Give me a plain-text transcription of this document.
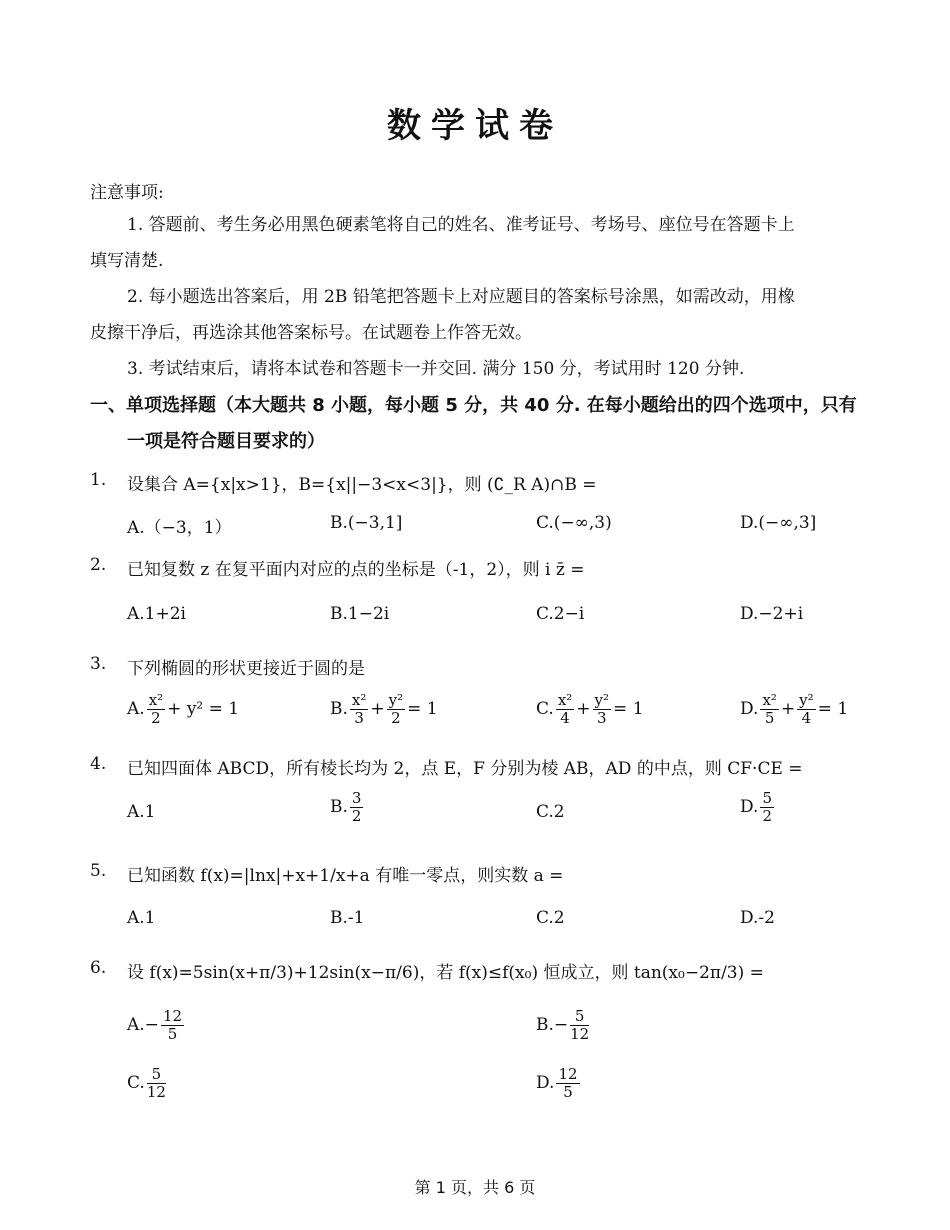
数学试卷
注意事项:
1. 答题前、考生务必用黑色硬素笔将自己的姓名、准考证号、考场号、座位号在答题卡上
填写清楚.
2. 每小题选出答案后，用 2B 铅笔把答题卡上对应题目的答案标号涂黑，如需改动，用橡
皮擦干净后，再选涂其他答案标号。在试题卷上作答无效。
3. 考试结束后，请将本试卷和答题卡一并交回. 满分 150 分，考试用时 120 分钟.
一、单项选择题（本大题共 8 小题，每小题 5 分，共 40 分. 在每小题给出的四个选项中，只有
一项是符合题目要求的）
1. 设集合 A={x|x>1}，B={x||−3<x<3|}，则 (∁_R A)∩B =
A.（−3，1）	B.(−3,1]	C.(−∞,3)	D.(−∞,3]
2. 已知复数 z 在复平面内对应的点的坐标是（-1，2），则 i z̄ =
A.1+2i	B.1−2i	C.2−i	D.−2+i
3. 下列椭圆的形状更接近于圆的是
A. $\frac{\text{x²}}{2} + y^2 = 1$	B. $\frac{\text{x²}}{3} + \frac{\text{y²}}{2} = 1$	C. $\frac{\text{x²}}{4} + \frac{\text{y²}}{3} = 1$	D. $\frac{\text{x²}}{5} + \frac{\text{y²}}{4} = 1$
4. 已知四面体 ABCD，所有棱长均为 2，点 E，F 分别为棱 AB，AD 的中点，则 CF·CE =
A.1	B. $\frac{3}{2}$	C.2	D. $\frac{5}{2}$
5. 已知函数 f(x)=|lnx|+x+1/x+a 有唯一零点，则实数 a =
A.1	B.-1	C.2	D.-2
6. 设 f(x)=5sin(x+π/3)+12sin(x−π/6)，若 f(x)≤f(x₀) 恒成立，则 tan(x₀−2π/3) =
$A.- \frac{12}{5}$	$B.- \frac{5}{12}$
C. $\frac{5}{12}$	D. $\frac{12}{5}$
第 1 页，共 6 页
